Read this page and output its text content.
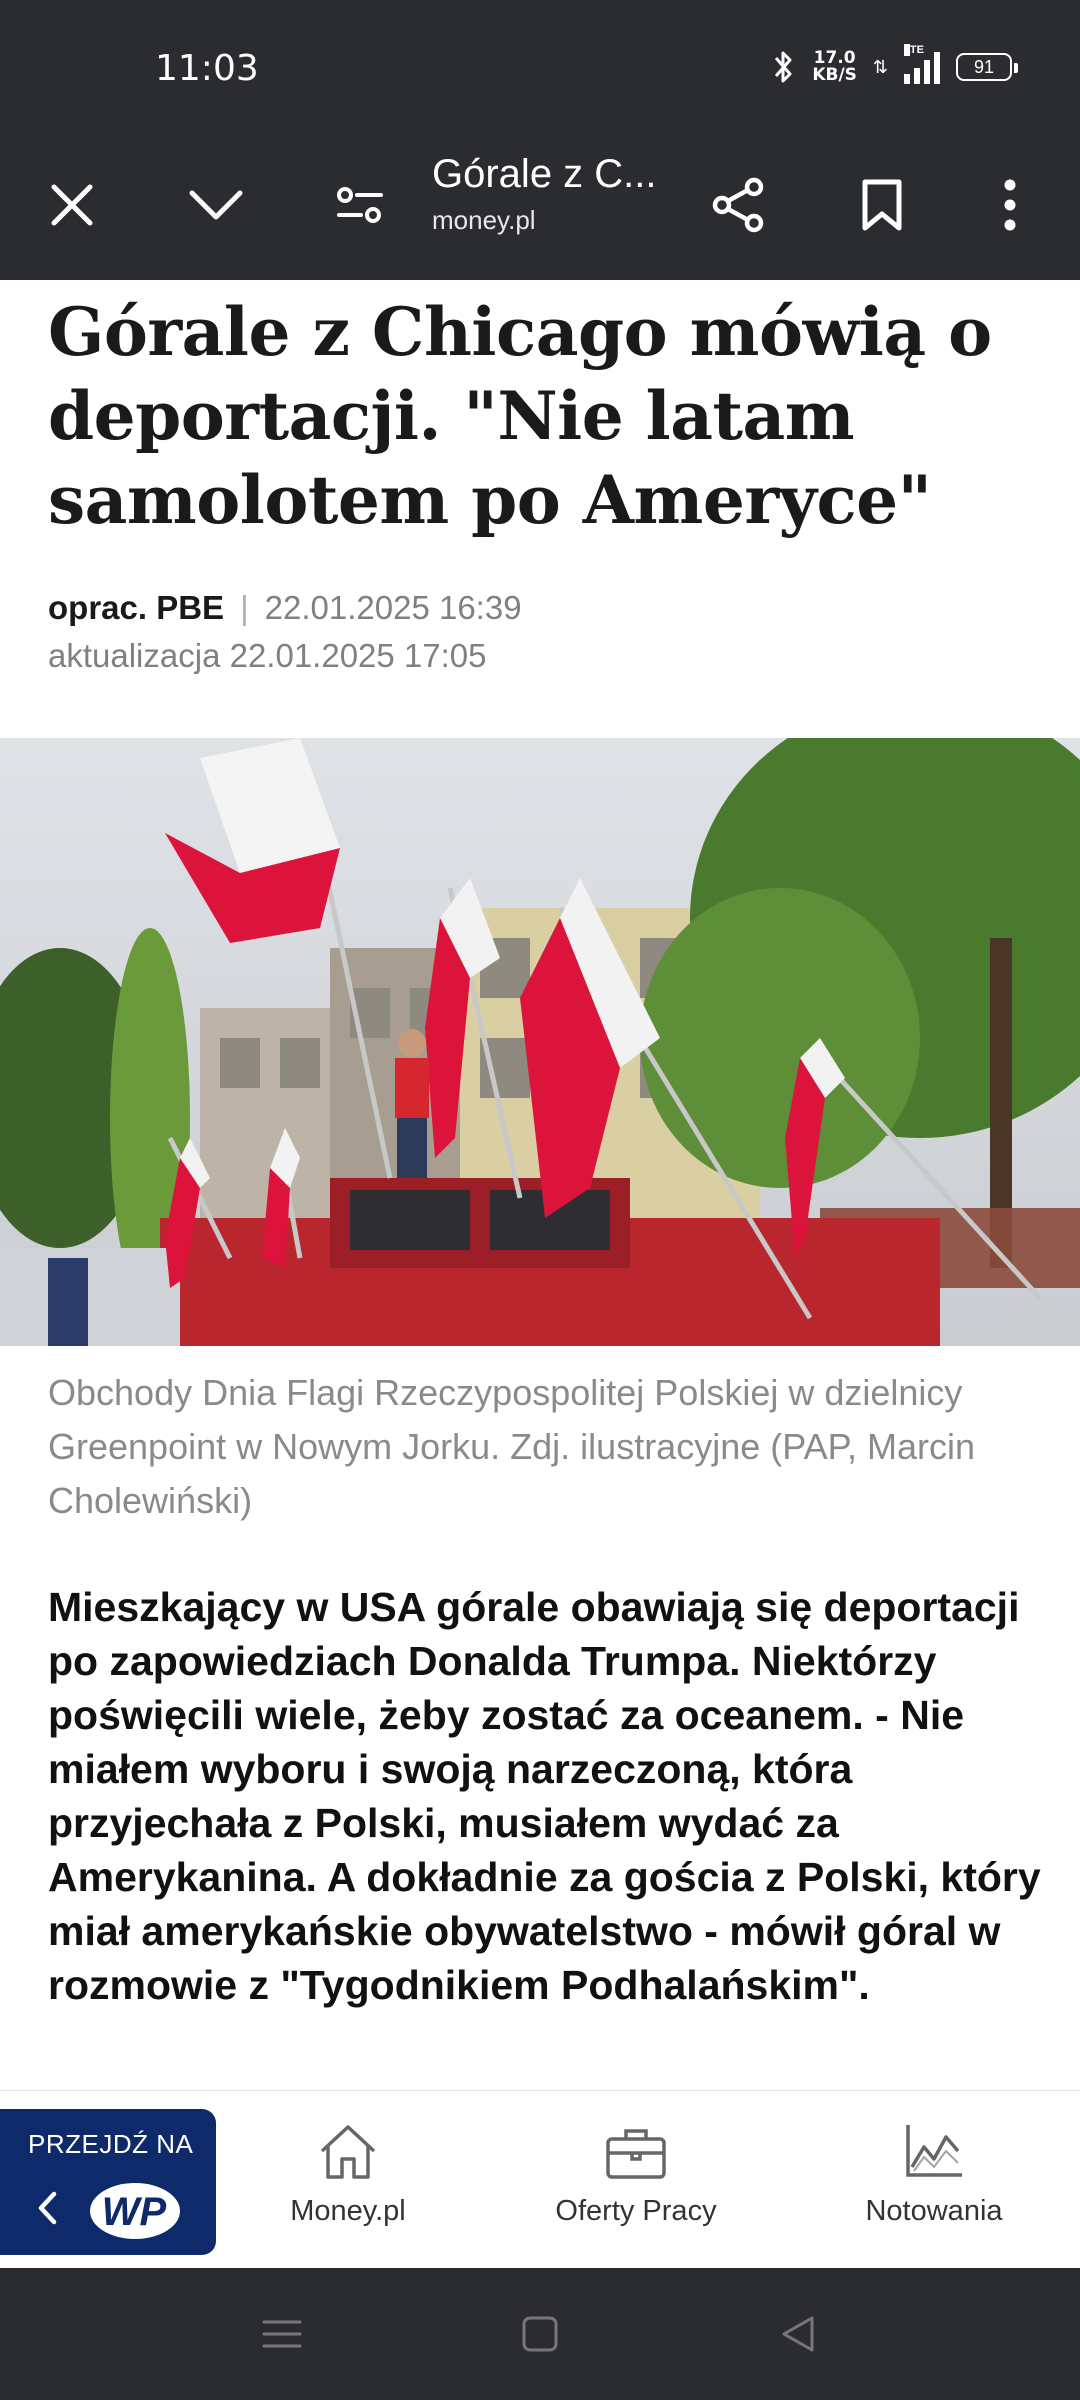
11:03	17.0
KB/S ⇅
LTE
91
Górale z C...
money.pl
Górale z Chicago mówią o deportacji. "Nie latam samolotem po Ameryce"
oprac. PBE | 22.01.2025 16:39
aktualizacja 22.01.2025 17:05
Obchody Dnia Flagi Rzeczypospolitej Polskiej w dzielnicy Greenpoint w Nowym Jorku. Zdj. ilustracyjne (PAP, Marcin Cholewiński)
Mieszkający w USA górale obawiają się deportacji po zapowiedziach Donalda Trumpa. Niektórzy poświęcili wiele, żeby zostać za oceanem. - Nie miałem wyboru i swoją narzeczoną, która przyjechała z Polski, musiałem wydać za Amerykanina. A dokładnie za gościa z Polski, który miał amerykańskie obywatelstwo - mówił góral w rozmowie z "Tygodnikiem Podhalańskim".
PRZEJDŹ NA
WP	Money.pl	Oferty Pracy	Notowania
